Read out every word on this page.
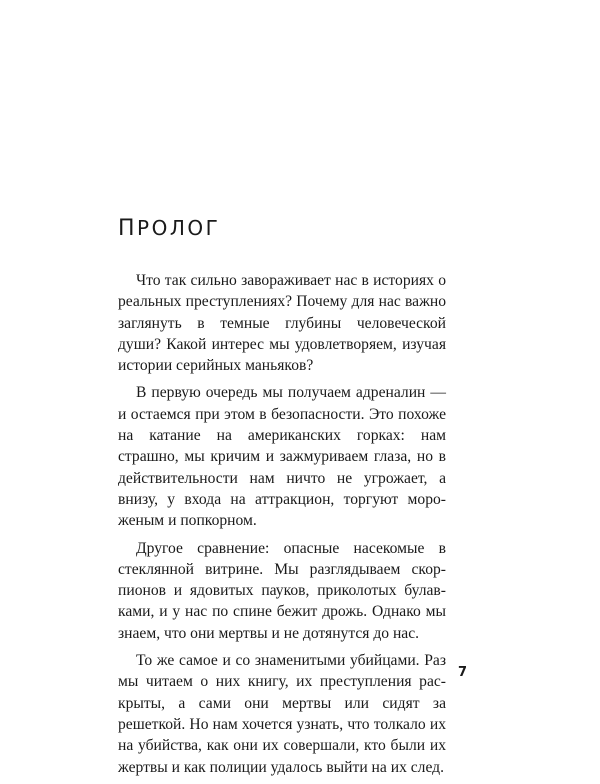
ПРОЛОГ

Что так сильно завораживает нас в историях о реальных преступлениях? Почему для нас важно заглянуть в темные глубины человеческой души? Какой интерес мы удовлетворяем, изучая истории серийных маньяков?

В первую очередь мы получаем адреналин — и остаемся при этом в безопасности. Это похоже на катание на американских горках: нам страшно, мы кричим и зажмуриваем глаза, но в действительности нам ничто не угрожает, а внизу, у входа на аттракцион, торгуют мороженым и попкорном.

Другое сравнение: опасные насекомые в стеклянной витрине. Мы разглядываем скорпионов и ядовитых пауков, приколотых булавками, и у нас по спине бежит дрожь. Однако мы знаем, что они мертвы и не дотянутся до нас.

То же самое и со знаменитыми убийцами. Раз мы читаем о них книгу, их преступления раскрыты, а сами они мертвы или сидят за решеткой. Но нам хочется узнать, что толкало их на убийства, как они их совершали, кто были их жертвы и как полиции удалось выйти на их след.

7
